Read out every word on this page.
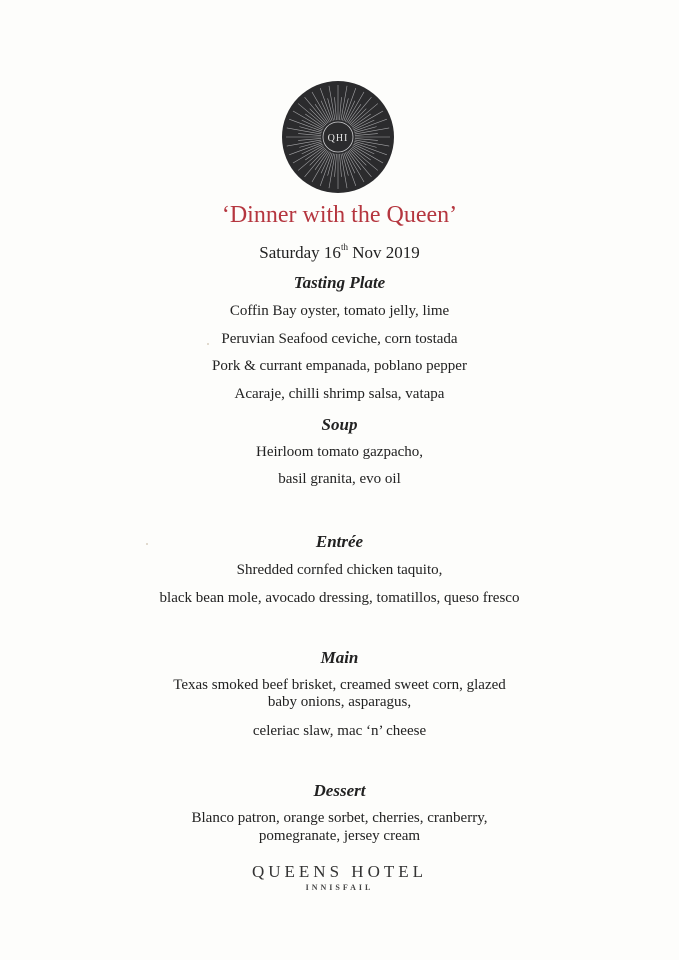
QHI
‘Dinner with the Queen’
Saturday 16th Nov 2019
Tasting Plate
Coffin Bay oyster, tomato jelly, lime
Peruvian Seafood ceviche, corn tostada
Pork & currant empanada, poblano pepper
Acaraje, chilli shrimp salsa, vatapa
Soup
Heirloom tomato gazpacho,
basil granita, evo oil
Entrée
Shredded cornfed chicken taquito,
black bean mole, avocado dressing, tomatillos, queso fresco
Main
Texas smoked beef brisket, creamed sweet corn, glazed
baby onions, asparagus,
celeriac slaw, mac ‘n’ cheese
Dessert
Blanco patron, orange sorbet, cherries, cranberry,
pomegranate, jersey cream
QUEENS HOTEL
INNISFAIL
